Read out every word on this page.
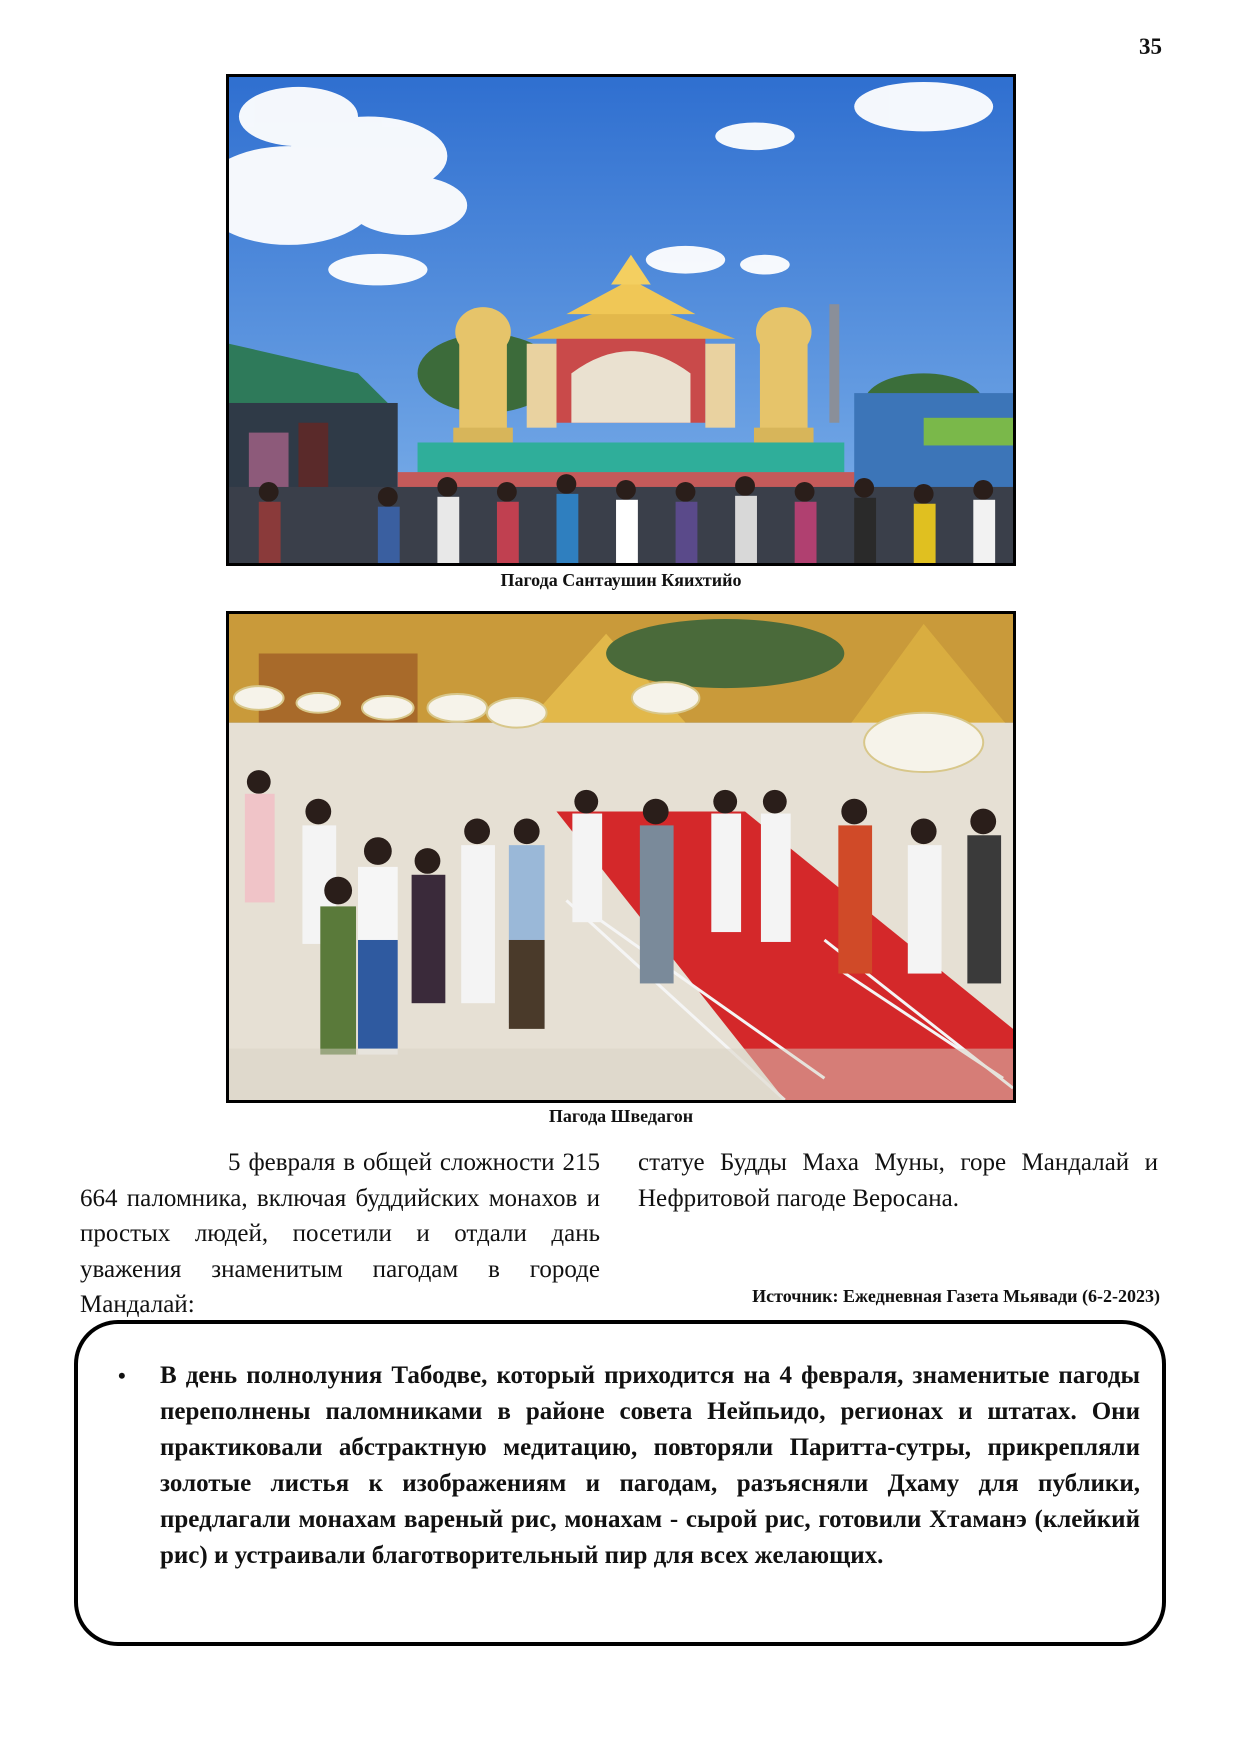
35
Пагода Сантаушин Кяихтийо
Пагода Шведагон
5 февраля в общей сложности 215 664 паломника, включая буддийских монахов и простых людей, посетили и отдали дань уважения знаменитым пагодам в городе Мандалай:
статуе Будды Маха Муны, горе Мандалай и Нефритовой пагоде Веросана.
Источник: Ежедневная Газета Мьявади (6-2-2023)
• В день полнолуния Табодве, который приходится на 4 февраля, знаменитые пагоды переполнены паломниками в районе совета Нейпьидо, регионах и штатах. Они практиковали абстрактную медитацию, повторяли Паритта-сутры, прикрепляли золотые листья к изображениям и пагодам, разъясняли Дхаму для публики, предлагали монахам вареный рис, монахам - сырой рис, готовили Хтаманэ (клейкий рис) и устраивали благотворительный пир для всех желающих.
